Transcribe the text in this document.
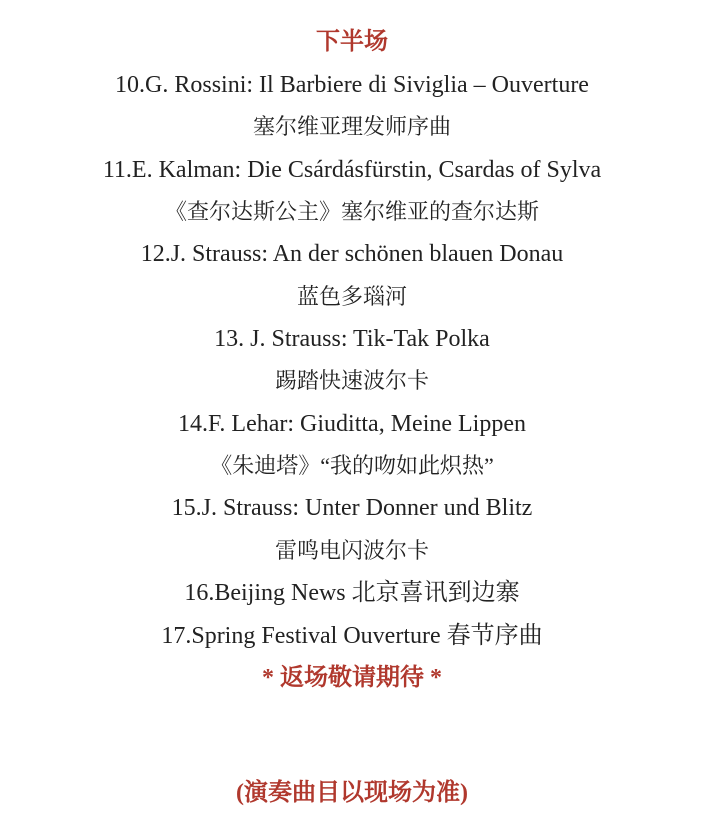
下半场
10.G. Rossini: Il Barbiere di Siviglia – Ouverture
塞尔维亚理发师序曲
11.E. Kalman: Die Csárdásfürstin, Csardas of Sylva
《查尔达斯公主》塞尔维亚的查尔达斯
12.J. Strauss: An der schönen blauen Donau
蓝色多瑙河
13. J. Strauss: Tik-Tak Polka
踢踏快速波尔卡
14.F. Lehar: Giuditta, Meine Lippen
《朱迪塔》“我的吻如此炽热”
15.J. Strauss: Unter Donner und Blitz
雷鸣电闪波尔卡
16.Beijing News 北京喜讯到边寨
17.Spring Festival Ouverture 春节序曲
* 返场敬请期待 *
(演奏曲目以现场为准)
